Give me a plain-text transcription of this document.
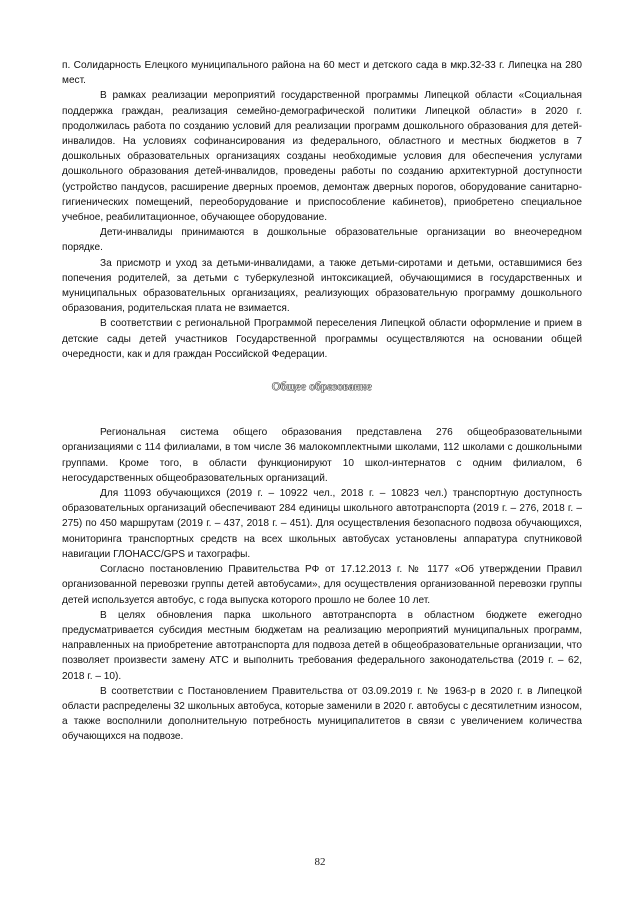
п. Солидарность Елецкого муниципального района на 60 мест и детского сада в мкр.32-33 г. Липецка на 280 мест.

В рамках реализации мероприятий государственной программы Липецкой области «Социальная поддержка граждан, реализация семейно-демографической политики Липецкой области» в 2020 г. продолжилась работа по созданию условий для реализации программ дошкольного образования для детей-инвалидов. На условиях софинансирования из федерального, областного и местных бюджетов в 7 дошкольных образовательных организациях созданы необходимые условия для обеспечения услугами дошкольного образования детей-инвалидов, проведены работы по созданию архитектурной доступности (устройство пандусов, расширение дверных проемов, демонтаж дверных порогов, оборудование санитарно-гигиенических помещений, переоборудование и приспособление кабинетов), приобретено специальное учебное, реабилитационное, обучающее оборудование.

Дети-инвалиды принимаются в дошкольные образовательные организации во внеочередном порядке.

За присмотр и уход за детьми-инвалидами, а также детьми-сиротами и детьми, оставшимися без попечения родителей, за детьми с туберкулезной интоксикацией, обучающимися в государственных и муниципальных образовательных организациях, реализующих образовательную программу дошкольного образования, родительская плата не взимается.

В соответствии с региональной Программой переселения Липецкой области оформление и прием в детские сады детей участников Государственной программы осуществляются на основании общей очередности, как и для граждан Российской Федерации.

Общее образование

Региональная система общего образования представлена 276 общеобразовательными организациями с 114 филиалами, в том числе 36 малокомплектными школами, 112 школами с дошкольными группами. Кроме того, в области функционируют 10 школ-интернатов с одним филиалом, 6 негосударственных общеобразовательных организаций.

Для 11093 обучающихся (2019 г. – 10922 чел., 2018 г. – 10823 чел.) транспортную доступность образовательных организаций обеспечивают 284 единицы школьного автотранспорта (2019 г. – 276, 2018 г. – 275) по 450 маршрутам (2019 г. – 437, 2018 г. – 451). Для осуществления безопасного подвоза обучающихся, мониторинга транспортных средств на всех школьных автобусах установлены аппаратура спутниковой навигации ГЛОНАСС/GPS и тахографы.

Согласно постановлению Правительства РФ от 17.12.2013 г. № 1177 «Об утверждении Правил организованной перевозки группы детей автобусами», для осуществления организованной перевозки группы детей используется автобус, с года выпуска которого прошло не более 10 лет.

В целях обновления парка школьного автотранспорта в областном бюджете ежегодно предусматривается субсидия местным бюджетам на реализацию мероприятий муниципальных программ, направленных на приобретение автотранспорта для подвоза детей в общеобразовательные организации, что позволяет произвести замену АТС и выполнить требования федерального законодательства (2019 г. – 62, 2018 г. – 10).

В соответствии с Постановлением Правительства от 03.09.2019 г. № 1963-р в 2020 г. в Липецкой области распределены 32 школьных автобуса, которые заменили в 2020 г. автобусы с десятилетним износом, а также восполнили дополнительную потребность муниципалитетов в связи с увеличением количества обучающихся на подвозе.

82
